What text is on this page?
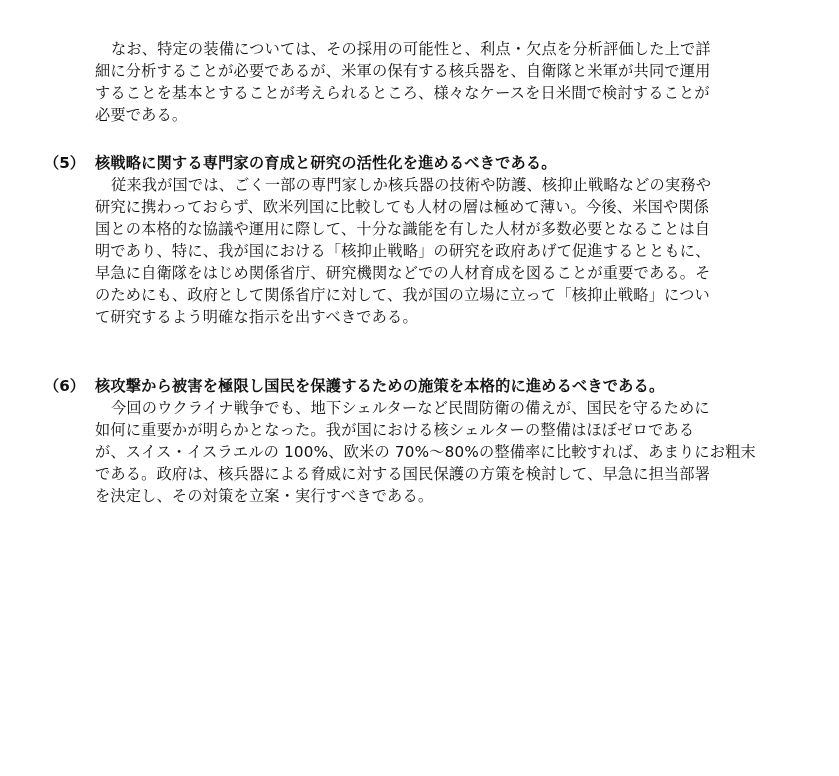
なお、特定の装備については、その採用の可能性と、利点・欠点を分析評価した上で詳
細に分析することが必要であるが、米軍の保有する核兵器を、自衛隊と米軍が共同で運用
することを基本とすることが考えられるところ、様々なケースを日米間で検討することが
必要である。
（5） 核戦略に関する専門家の育成と研究の活性化を進めるべきである。
従来我が国では、ごく一部の専門家しか核兵器の技術や防護、核抑止戦略などの実務や
研究に携わっておらず、欧米列国に比較しても人材の層は極めて薄い。今後、米国や関係
国との本格的な協議や運用に際して、十分な識能を有した人材が多数必要となることは自
明であり、特に、我が国における「核抑止戦略」の研究を政府あげて促進するとともに、
早急に自衛隊をはじめ関係省庁、研究機関などでの人材育成を図ることが重要である。そ
のためにも、政府として関係省庁に対して、我が国の立場に立って「核抑止戦略」につい
て研究するよう明確な指示を出すべきである。
（6） 核攻撃から被害を極限し国民を保護するための施策を本格的に進めるべきである。
今回のウクライナ戦争でも、地下シェルターなど民間防衛の備えが、国民を守るために
如何に重要かが明らかとなった。我が国における核シェルターの整備はほぼゼロである
が、スイス・イスラエルの 100%、欧米の 70%～80%の整備率に比較すれば、あまりにお粗末
である。政府は、核兵器による脅威に対する国民保護の方策を検討して、早急に担当部署
を決定し、その対策を立案・実行すべきである。
